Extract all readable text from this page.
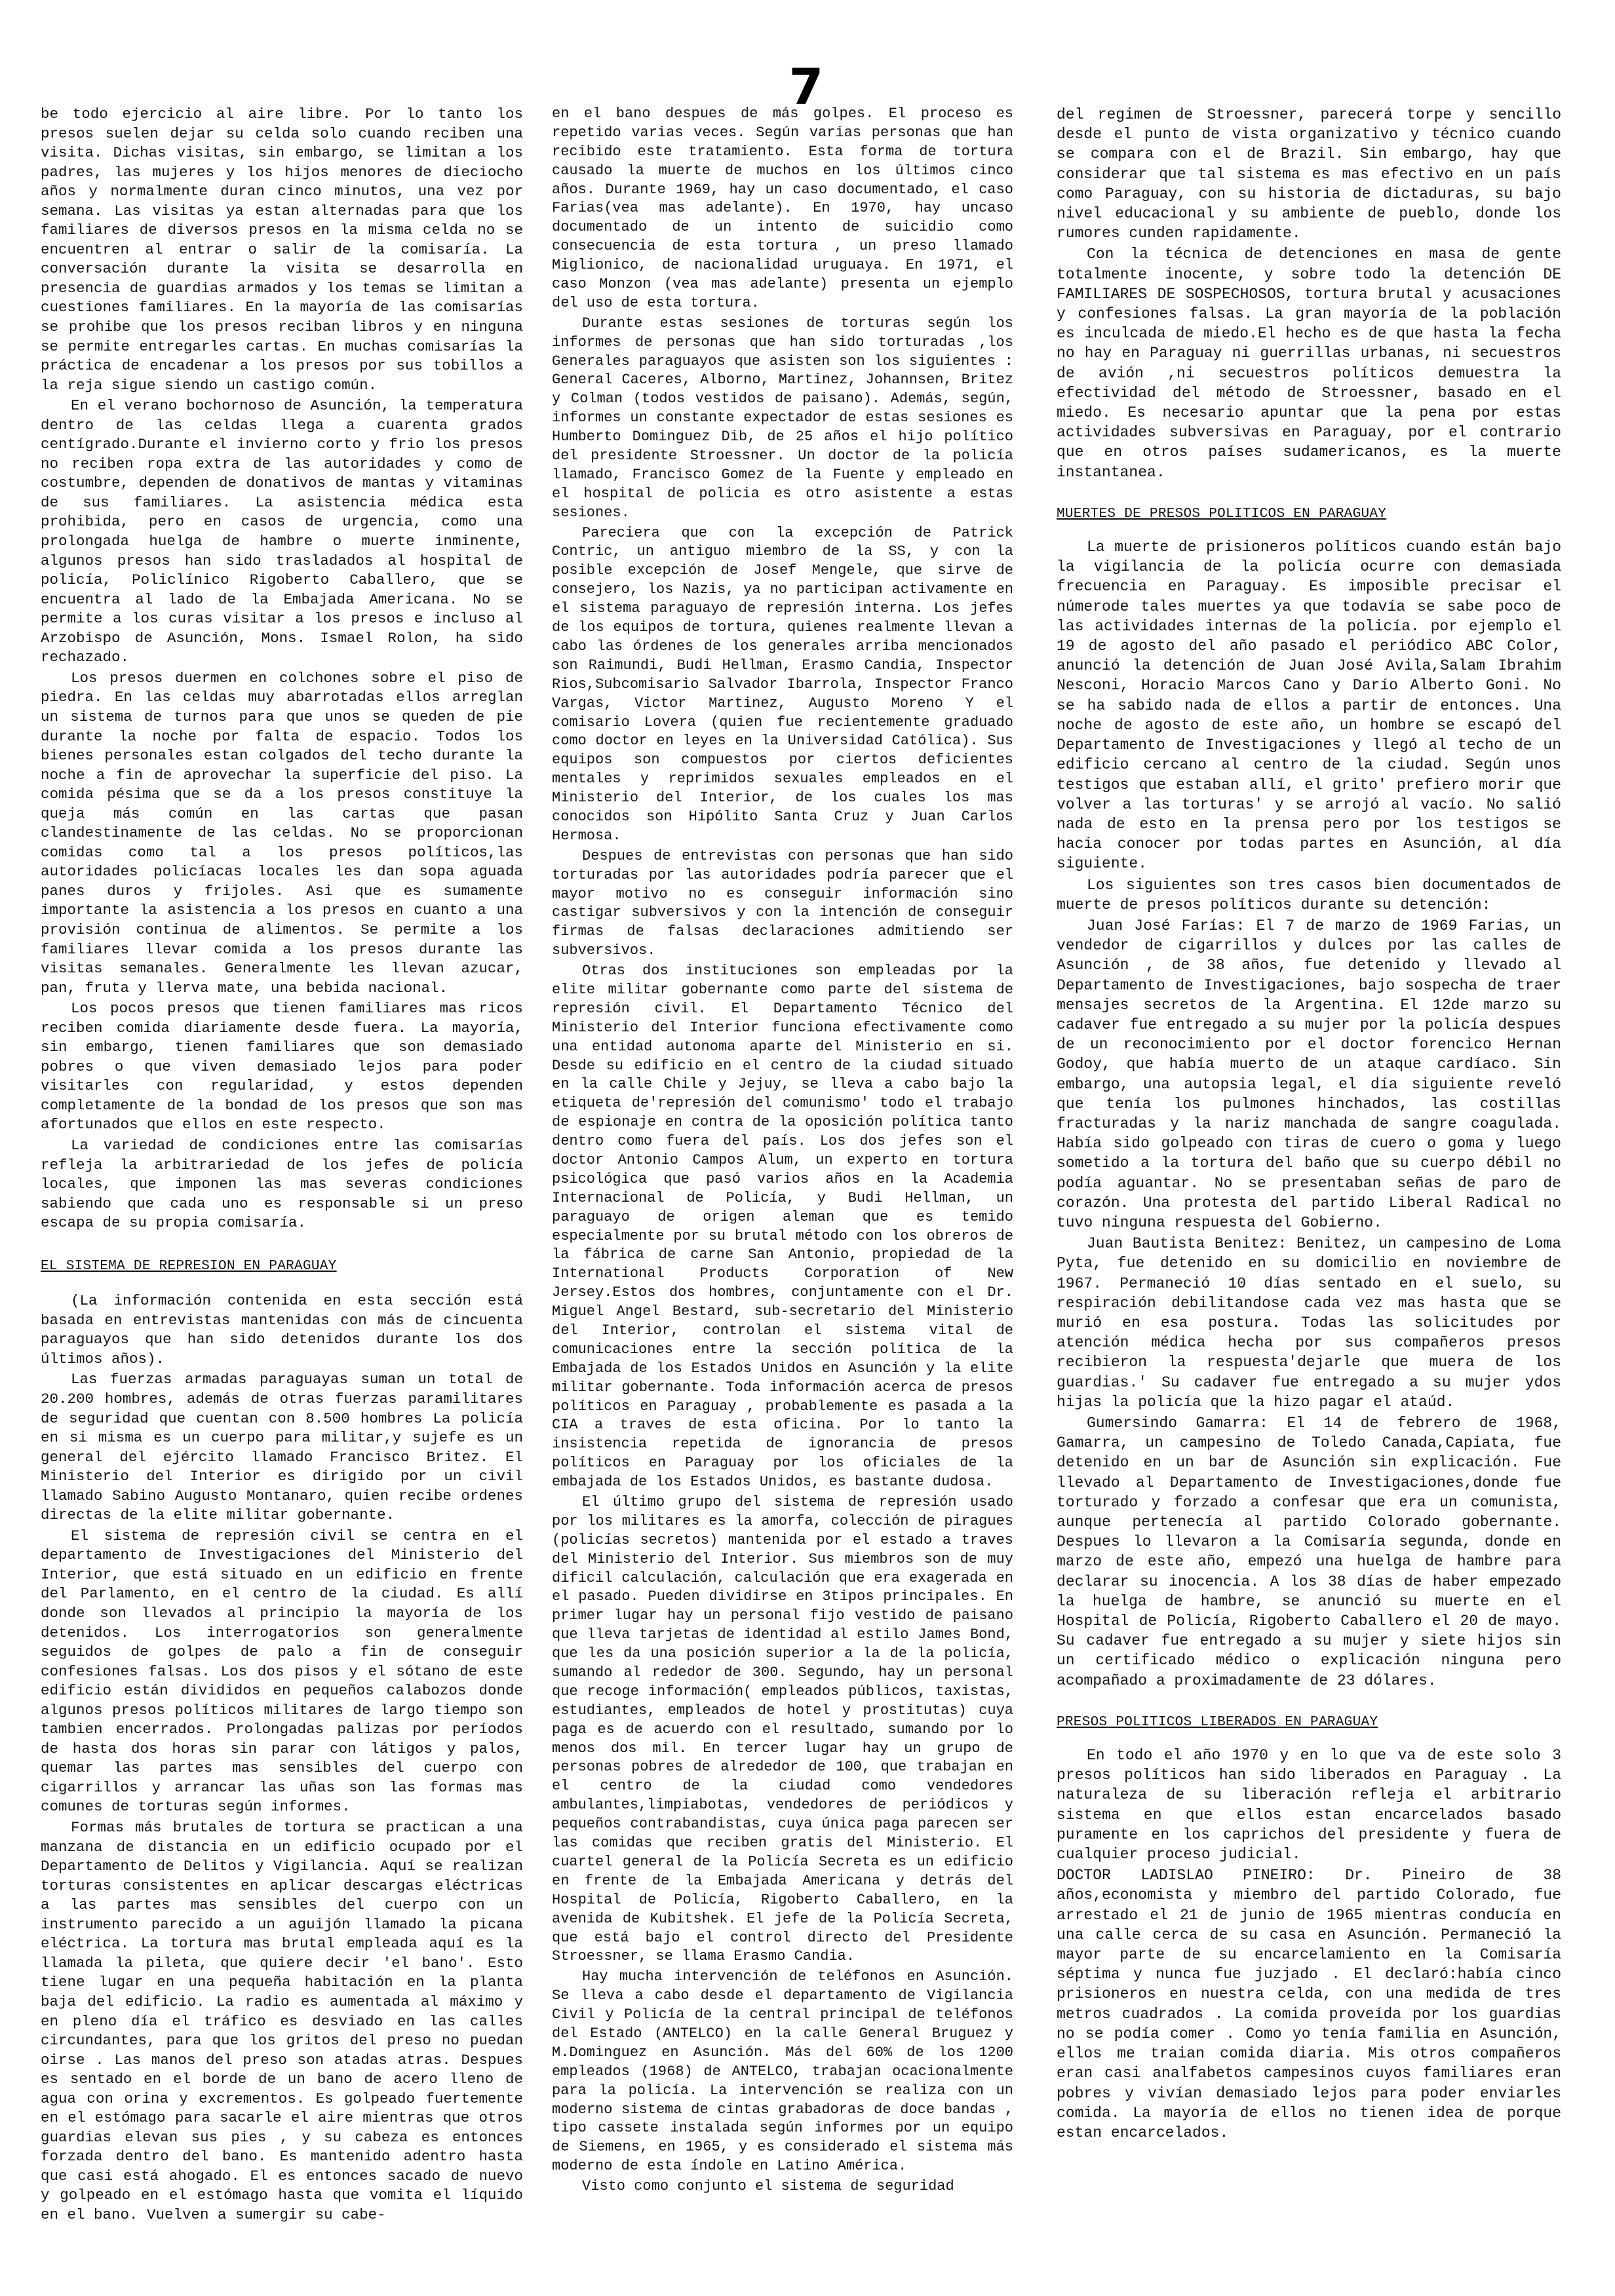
7

be todo ejercicio al aire libre. Por lo tanto los presos suelen dejar su celda solo cuando reciben una visita. Dichas visitas, sin embargo, se limitan a los padres, las mujeres y los hijos menores de dieciocho años y normalmente duran cinco minutos, una vez por semana. Las visitas ya estan alternadas para que los familiares de diversos presos en la misma celda no se encuentren al entrar o salir de la comisaría. La conversación durante la visita se desarrolla en presencia de guardias armados y los temas se limitan a cuestiones familiares. En la mayoría de las comisarías se prohibe que los presos reciban libros y en ninguna se permite entregarles cartas. En muchas comisarías la práctica de encadenar a los presos por sus tobillos a la reja sigue siendo un castigo común.

En el verano bochornoso de Asunción, la temperatura dentro de las celdas llega a cuarenta grados centígrado.Durante el invierno corto y frio los presos no reciben ropa extra de las autoridades y como de costumbre, dependen de donativos de mantas y vitaminas de sus familiares. La asistencia médica esta prohibida, pero en casos de urgencia, como una prolongada huelga de hambre o muerte inminente, algunos presos han sido trasladados al hospital de policía, Policlínico Rigoberto Caballero, que se encuentra al lado de la Embajada Americana. No se permite a los curas visitar a los presos e incluso al Arzobispo de Asunción, Mons. Ismael Rolon, ha sido rechazado.

Los presos duermen en colchones sobre el piso de piedra. En las celdas muy abarrotadas ellos arreglan un sistema de turnos para que unos se queden de pie durante la noche por falta de espacio. Todos los bienes personales estan colgados del techo durante la noche a fin de aprovechar la superficie del piso. La comida pésima que se da a los presos constituye la queja más común en las cartas que pasan clandestinamente de las celdas. No se proporcionan comidas como tal a los presos políticos,las autoridades policíacas locales les dan sopa aguada panes duros y frijoles. Asi que es sumamente importante la asistencia a los presos en cuanto a una provisión continua de alimentos. Se permite a los familiares llevar comida a los presos durante las visitas semanales. Generalmente les llevan azucar, pan, fruta y llerva mate, una bebida nacional.

Los pocos presos que tienen familiares mas ricos reciben comida diariamente desde fuera. La mayoría, sin embargo, tienen familiares que son demasiado pobres o que viven demasiado lejos para poder visitarles con regularidad, y estos dependen completamente de la bondad de los presos que son mas afortunados que ellos en este respecto.

La variedad de condiciones entre las comisarías refleja la arbitrariedad de los jefes de policía locales, que imponen las mas severas condiciones sabiendo que cada uno es responsable si un preso escapa de su propia comisaría.

EL SISTEMA DE REPRESION EN PARAGUAY

(La información contenida en esta sección está basada en entrevistas mantenidas con más de cincuenta paraguayos que han sido detenidos durante los dos últimos años).

Las fuerzas armadas paraguayas suman un total de 20.200 hombres, además de otras fuerzas paramilitares de seguridad que cuentan con 8.500 hombres La policía en si misma es un cuerpo para militar,y sujefe es un general del ejército llamado Francisco Britez. El Ministerio del Interior es dirigido por un civil llamado Sabino Augusto Montanaro, quien recibe ordenes directas de la elite militar gobernante.

El sistema de represión civil se centra en el departamento de Investigaciones del Ministerio del Interior, que está situado en un edificio en frente del Parlamento, en el centro de la ciudad. Es allí donde son llevados al principio la mayoría de los detenidos. Los interrogatorios son generalmente seguidos de golpes de palo a fin de conseguir confesiones falsas. Los dos pisos y el sótano de este edificio están divididos en pequeños calabozos donde algunos presos políticos militares de largo tiempo son tambien encerrados. Prolongadas palizas por períodos de hasta dos horas sin parar con látigos y palos, quemar las partes mas sensibles del cuerpo con cigarrillos y arrancar las uñas son las formas mas comunes de torturas según informes.

Formas más brutales de tortura se practican a una manzana de distancia en un edificio ocupado por el Departamento de Delitos y Vigilancia. Aquí se realizan torturas consistentes en aplicar descargas eléctricas a las partes mas sensibles del cuerpo con un instrumento parecido a un aguijón llamado la picana eléctrica. La tortura mas brutal empleada aquí es la llamada la pileta, que quiere decir 'el bano'. Esto tiene lugar en una pequeña habitación en la planta baja del edificio. La radio es aumentada al máximo y en pleno día el tráfico es desviado en las calles circundantes, para que los gritos del preso no puedan oirse . Las manos del preso son atadas atras. Despues es sentado en el borde de un bano de acero lleno de agua con orina y excrementos. Es golpeado fuertemente en el estómago para sacarle el aire mientras que otros guardias elevan sus pies , y su cabeza es entonces forzada dentro del bano. Es mantenido adentro hasta que casi está ahogado. El es entonces sacado de nuevo y golpeado en el estómago hasta que vomita el líquido en el bano. Vuelven a sumergir su cabe-

en el bano despues de más golpes. El proceso es repetido varias veces. Según varias personas que han recibido este tratamiento. Esta forma de tortura causado la muerte de muchos en los últimos cinco años. Durante 1969, hay un caso documentado, el caso Farias(vea mas adelante). En 1970, hay uncaso documentado de un intento de suicidio como consecuencia de esta tortura , un preso llamado Miglionico, de nacionalidad uruguaya. En 1971, el caso Monzon (vea mas adelante) presenta un ejemplo del uso de esta tortura.

Durante estas sesiones de torturas según los informes de personas que han sido torturadas ,los Generales paraguayos que asisten son los siguientes : General Caceres, Alborno, Martinez, Johannsen, Britez y Colman (todos vestidos de paisano). Además, según, informes un constante expectador de estas sesiones es Humberto Dominguez Dib, de 25 años el hijo político del presidente Stroessner. Un doctor de la policía llamado, Francisco Gomez de la Fuente y empleado en el hospital de policia es otro asistente a estas sesiones.

Pareciera que con la excepción de Patrick Contric, un antiguo miembro de la SS, y con la posible excepción de Josef Mengele, que sirve de consejero, los Nazis, ya no participan activamente en el sistema paraguayo de represión interna. Los jefes de los equipos de tortura, quienes realmente llevan a cabo las órdenes de los generales arriba mencionados son Raimundi, Budi Hellman, Erasmo Candia, Inspector Rios,Subcomisario Salvador Ibarrola, Inspector Franco Vargas, Victor Martinez, Augusto Moreno Y el comisario Lovera (quien fue recientemente graduado como doctor en leyes en la Universidad Católica). Sus equipos son compuestos por ciertos deficientes mentales y reprimidos sexuales empleados en el Ministerio del Interior, de los cuales los mas conocidos son Hipólito Santa Cruz y Juan Carlos Hermosa.

Despues de entrevistas con personas que han sido torturadas por las autoridades podría parecer que el mayor motivo no es conseguir información sino castigar subversivos y con la intención de conseguir firmas de falsas declaraciones admitiendo ser subversivos.

Otras dos instituciones son empleadas por la elite militar gobernante como parte del sistema de represión civil. El Departamento Técnico del Ministerio del Interior funciona efectivamente como una entidad autonoma aparte del Ministerio en si. Desde su edificio en el centro de la ciudad situado en la calle Chile y Jejuy, se lleva a cabo bajo la etiqueta de'represión del comunismo' todo el trabajo de espionaje en contra de la oposición política tanto dentro como fuera del país. Los dos jefes son el doctor Antonio Campos Alum, un experto en tortura psicológica que pasó varios años en la Academia Internacional de Policía, y Budi Hellman, un paraguayo de origen aleman que es temido especialmente por su brutal método con los obreros de la fábrica de carne San Antonio, propiedad de la International Products Corporation of New Jersey.Estos dos hombres, conjuntamente con el Dr. Miguel Angel Bestard, sub-secretario del Ministerio del Interior, controlan el sistema vital de comunicaciones entre la sección política de la Embajada de los Estados Unidos en Asunción y la elite militar gobernante. Toda información acerca de presos políticos en Paraguay , probablemente es pasada a la CIA a traves de esta oficina. Por lo tanto la insistencia repetida de ignorancia de presos políticos en Paraguay por los oficiales de la embajada de los Estados Unidos, es bastante dudosa.

El último grupo del sistema de represión usado por los militares es la amorfa, colección de piragues (policías secretos) mantenida por el estado a traves del Ministerio del Interior. Sus miembros son de muy dificil calculación, calculación que era exagerada en el pasado. Pueden dividirse en 3tipos principales. En primer lugar hay un personal fijo vestido de paisano que lleva tarjetas de identidad al estilo James Bond, que les da una posición superior a la de la policía, sumando al rededor de 300. Segundo, hay un personal que recoge información( empleados públicos, taxistas, estudiantes, empleados de hotel y prostitutas) cuya paga es de acuerdo con el resultado, sumando por lo menos dos mil. En tercer lugar hay un grupo de personas pobres de alrededor de 100, que trabajan en el centro de la ciudad como vendedores ambulantes,limpiabotas, vendedores de periódicos y pequeños contrabandistas, cuya única paga parecen ser las comidas que reciben gratis del Ministerio. El cuartel general de la Policía Secreta es un edificio en frente de la Embajada Americana y detrás del Hospital de Policía, Rigoberto Caballero, en la avenida de Kubitshek. El jefe de la Policía Secreta, que está bajo el control directo del Presidente Stroessner, se llama Erasmo Candia.

Hay mucha intervención de teléfonos en Asunción. Se lleva a cabo desde el departamento de Vigilancia Civil y Policía de la central principal de teléfonos del Estado (ANTELCO) en la calle General Bruguez y M.Dominguez en Asunción. Más del 60% de los 1200 empleados (1968) de ANTELCO, trabajan ocacionalmente para la policía. La intervención se realiza con un moderno sistema de cintas grabadoras de doce bandas , tipo cassete instalada según informes por un equipo de Siemens, en 1965, y es considerado el sistema más moderno de esta índole en Latino América.

Visto como conjunto el sistema de seguridad

del regimen de Stroessner, parecerá torpe y sencillo desde el punto de vista organizativo y técnico cuando se compara con el de Brazil. Sin embargo, hay que considerar que tal sistema es mas efectivo en un país como Paraguay, con su historia de dictaduras, su bajo nivel educacional y su ambiente de pueblo, donde los rumores cunden rapidamente.

Con la técnica de detenciones en masa de gente totalmente inocente, y sobre todo la detención DE FAMILIARES DE SOSPECHOSOS, tortura brutal y acusaciones y confesiones falsas. La gran mayoría de la población es inculcada de miedo.El hecho es de que hasta la fecha no hay en Paraguay ni guerrillas urbanas, ni secuestros de avión ,ni secuestros políticos demuestra la efectividad del método de Stroessner, basado en el miedo. Es necesario apuntar que la pena por estas actividades subversivas en Paraguay, por el contrario que en otros países sudamericanos, es la muerte instantanea.

MUERTES DE PRESOS POLITICOS EN PARAGUAY

La muerte de prisioneros políticos cuando están bajo la vigilancia de la policía ocurre con demasiada frecuencia en Paraguay. Es imposible precisar el númerode tales muertes ya que todavía se sabe poco de las actividades internas de la policía. por ejemplo el 19 de agosto del año pasado el periódico ABC Color, anunció la detención de Juan José Avila,Salam Ibrahim Nesconi, Horacio Marcos Cano y Darío Alberto Goni. No se ha sabido nada de ellos a partir de entonces. Una noche de agosto de este año, un hombre se escapó del Departamento de Investigaciones y llegó al techo de un edificio cercano al centro de la ciudad. Según unos testigos que estaban allí, el grito' prefiero morir que volver a las torturas' y se arrojó al vacío. No salió nada de esto en la prensa pero por los testigos se hacia conocer por todas partes en Asunción, al día siguiente.

Los siguientes son tres casos bien documentados de muerte de presos políticos durante su detención:

Juan José Farías: El 7 de marzo de 1969 Farias, un vendedor de cigarrillos y dulces por las calles de Asunción , de 38 años, fue detenido y llevado al Departamento de Investigaciones, bajo sospecha de traer mensajes secretos de la Argentina. El 12de marzo su cadaver fue entregado a su mujer por la policía despues de un reconocimiento por el doctor forencico Hernan Godoy, que había muerto de un ataque cardíaco. Sin embargo, una autopsia legal, el día siguiente reveló que tenía los pulmones hinchados, las costillas fracturadas y la nariz manchada de sangre coagulada. Había sido golpeado con tiras de cuero o goma y luego sometido a la tortura del baño que su cuerpo débil no podía aguantar. No se presentaban señas de paro de corazón. Una protesta del partido Liberal Radical no tuvo ninguna respuesta del Gobierno.

Juan Bautista Benitez: Benitez, un campesino de Loma Pyta, fue detenido en su domicilio en noviembre de 1967. Permaneció 10 días sentado en el suelo, su respiración debilitandose cada vez mas hasta que se murió en esa postura. Todas las solicitudes por atención médica hecha por sus compañeros presos recibieron la respuesta'dejarle que muera de los guardias.' Su cadaver fue entregado a su mujer ydos hijas la policía que la hizo pagar el ataúd.

Gumersindo Gamarra: El 14 de febrero de 1968, Gamarra, un campesino de Toledo Canada,Capiata, fue detenido en un bar de Asunción sin explicación. Fue llevado al Departamento de Investigaciones,donde fue torturado y forzado a confesar que era un comunista, aunque pertenecía al partido Colorado gobernante. Despues lo llevaron a la Comisaría segunda, donde en marzo de este año, empezó una huelga de hambre para declarar su inocencia. A los 38 días de haber empezado la huelga de hambre, se anunció su muerte en el Hospital de Policía, Rigoberto Caballero el 20 de mayo. Su cadaver fue entregado a su mujer y siete hijos sin un certificado médico o explicación ninguna pero acompañado a proximadamente de 23 dólares.

PRESOS POLITICOS LIBERADOS EN PARAGUAY

En todo el año 1970 y en lo que va de este solo 3 presos políticos han sido liberados en Paraguay . La naturaleza de su liberación refleja el arbitrario sistema en que ellos estan encarcelados basado puramente en los caprichos del presidente y fuera de cualquier proceso judicial.

DOCTOR LADISLAO PINEIRO: Dr. Pineiro de 38 años,economista y miembro del partido Colorado, fue arrestado el 21 de junio de 1965 mientras conducía en una calle cerca de su casa en Asunción. Permaneció la mayor parte de su encarcelamiento en la Comisaría séptima y nunca fue juzjado . El declaró:había cinco prisioneros en nuestra celda, con una medida de tres metros cuadrados . La comida proveída por los guardias no se podía comer . Como yo tenía familia en Asunción, ellos me traian comida diaria. Mis otros compañeros eran casi analfabetos campesinos cuyos familiares eran pobres y vivían demasiado lejos para poder enviarles comida. La mayoría de ellos no tienen idea de porque estan encarcelados.
